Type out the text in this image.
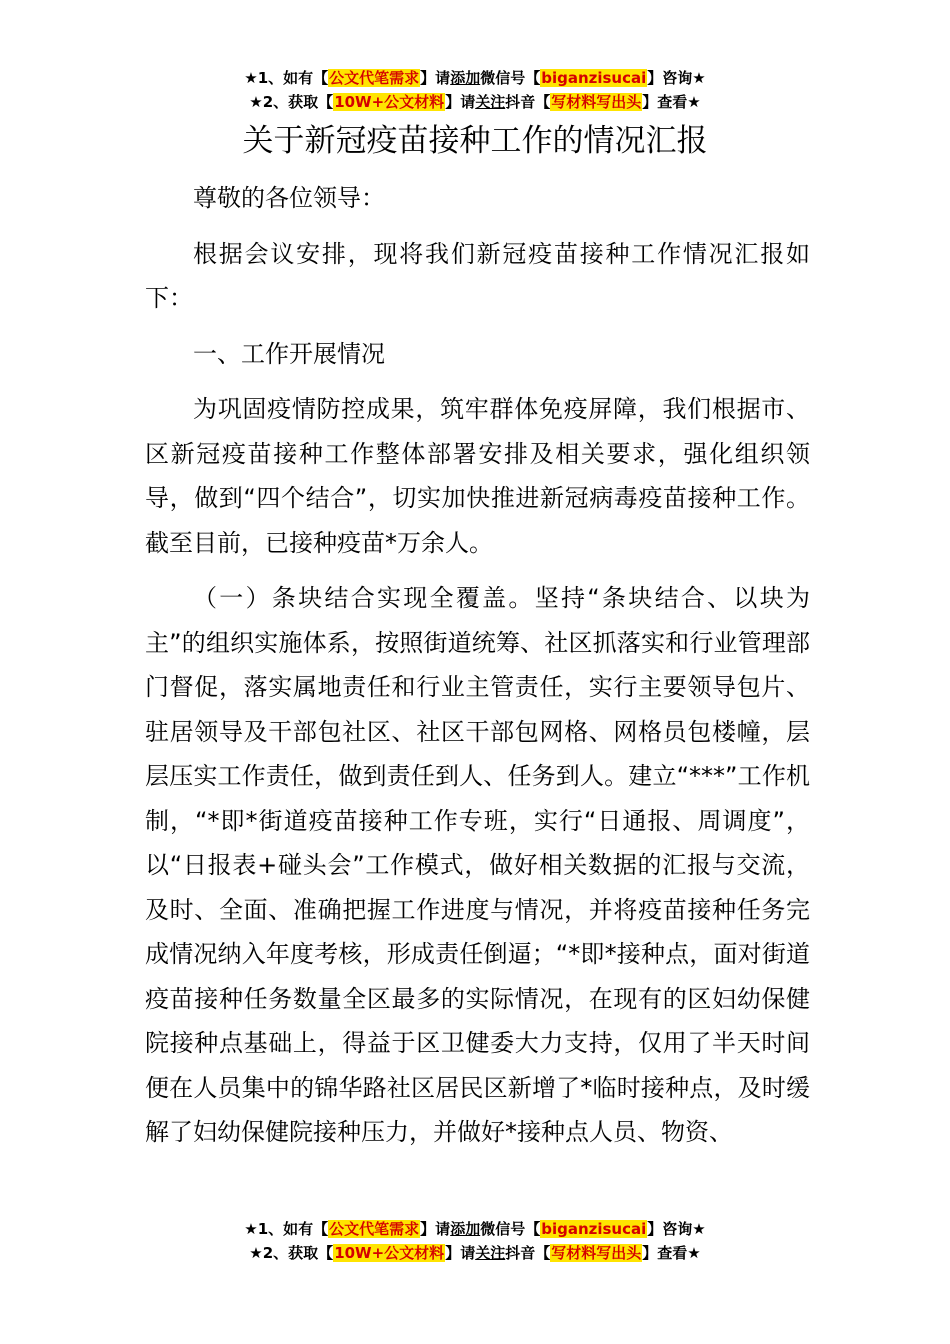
★1、如有【公文代笔需求】请添加微信号【biganzisucai】咨询★
★2、获取【10W+公文材料】请关注抖音【写材料写出头】查看★
关于新冠疫苗接种工作的情况汇报

尊敬的各位领导：

根据会议安排，现将我们新冠疫苗接种工作情况汇报如下：

一、工作开展情况

为巩固疫情防控成果，筑牢群体免疫屏障，我们根据市、区新冠疫苗接种工作整体部署安排及相关要求，强化组织领导，做到“四个结合”，切实加快推进新冠病毒疫苗接种工作。截至目前，已接种疫苗*万余人。

（一）条块结合实现全覆盖。坚持“条块结合、以块为主”的组织实施体系，按照街道统筹、社区抓落实和行业管理部门督促，落实属地责任和行业主管责任，实行主要领导包片、驻居领导及干部包社区、社区干部包网格、网格员包楼幢，层层压实工作责任，做到责任到人、任务到人。建立“***”工作机制，“*即*街道疫苗接种工作专班，实行“日通报、周调度”，以“日报表+碰头会”工作模式，做好相关数据的汇报与交流，及时、全面、准确把握工作进度与情况，并将疫苗接种任务完成情况纳入年度考核，形成责任倒逼；“*即*接种点，面对街道疫苗接种任务数量全区最多的实际情况，在现有的区妇幼保健院接种点基础上，得益于区卫健委大力支持，仅用了半天时间便在人员集中的锦华路社区居民区新增了*临时接种点，及时缓解了妇幼保健院接种压力，并做好*接种点人员、物资、

★1、如有【公文代笔需求】请添加微信号【biganzisucai】咨询★
★2、获取【10W+公文材料】请关注抖音【写材料写出头】查看★
